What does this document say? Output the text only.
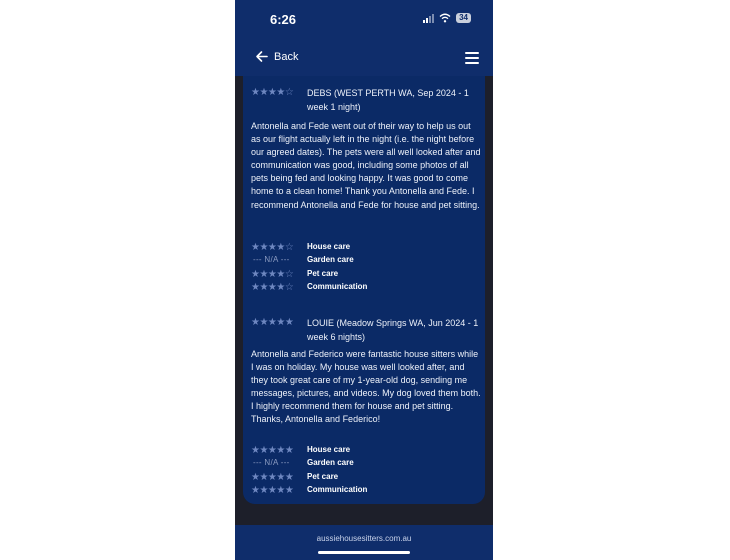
6:26	34
Back
★★★★☆ DEBS (WEST PERTH WA, Sep 2024 - 1 week 1 night)
Antonella and Fede went out of their way to help us out as our flight actually left in the night (i.e. the night before our agreed dates). The pets were all well looked after and communication was good, including some photos of all pets being fed and looking happy. It was good to come home to a clean home! Thank you Antonella and Fede. I recommend Antonella and Fede for house and pet sitting.
★★★★☆ House care
--- N/A --- Garden care
★★★★☆ Pet care
★★★★☆ Communication
★★★★★ LOUIE (Meadow Springs WA, Jun 2024 - 1 week 6 nights)
Antonella and Federico were fantastic house sitters while I was on holiday. My house was well looked after, and they took great care of my 1-year-old dog, sending me messages, pictures, and videos. My dog loved them both. I highly recommend them for house and pet sitting. Thanks, Antonella and Federico!
★★★★★ House care
--- N/A --- Garden care
★★★★★ Pet care
★★★★★ Communication
aussiehousesitters.com.au
